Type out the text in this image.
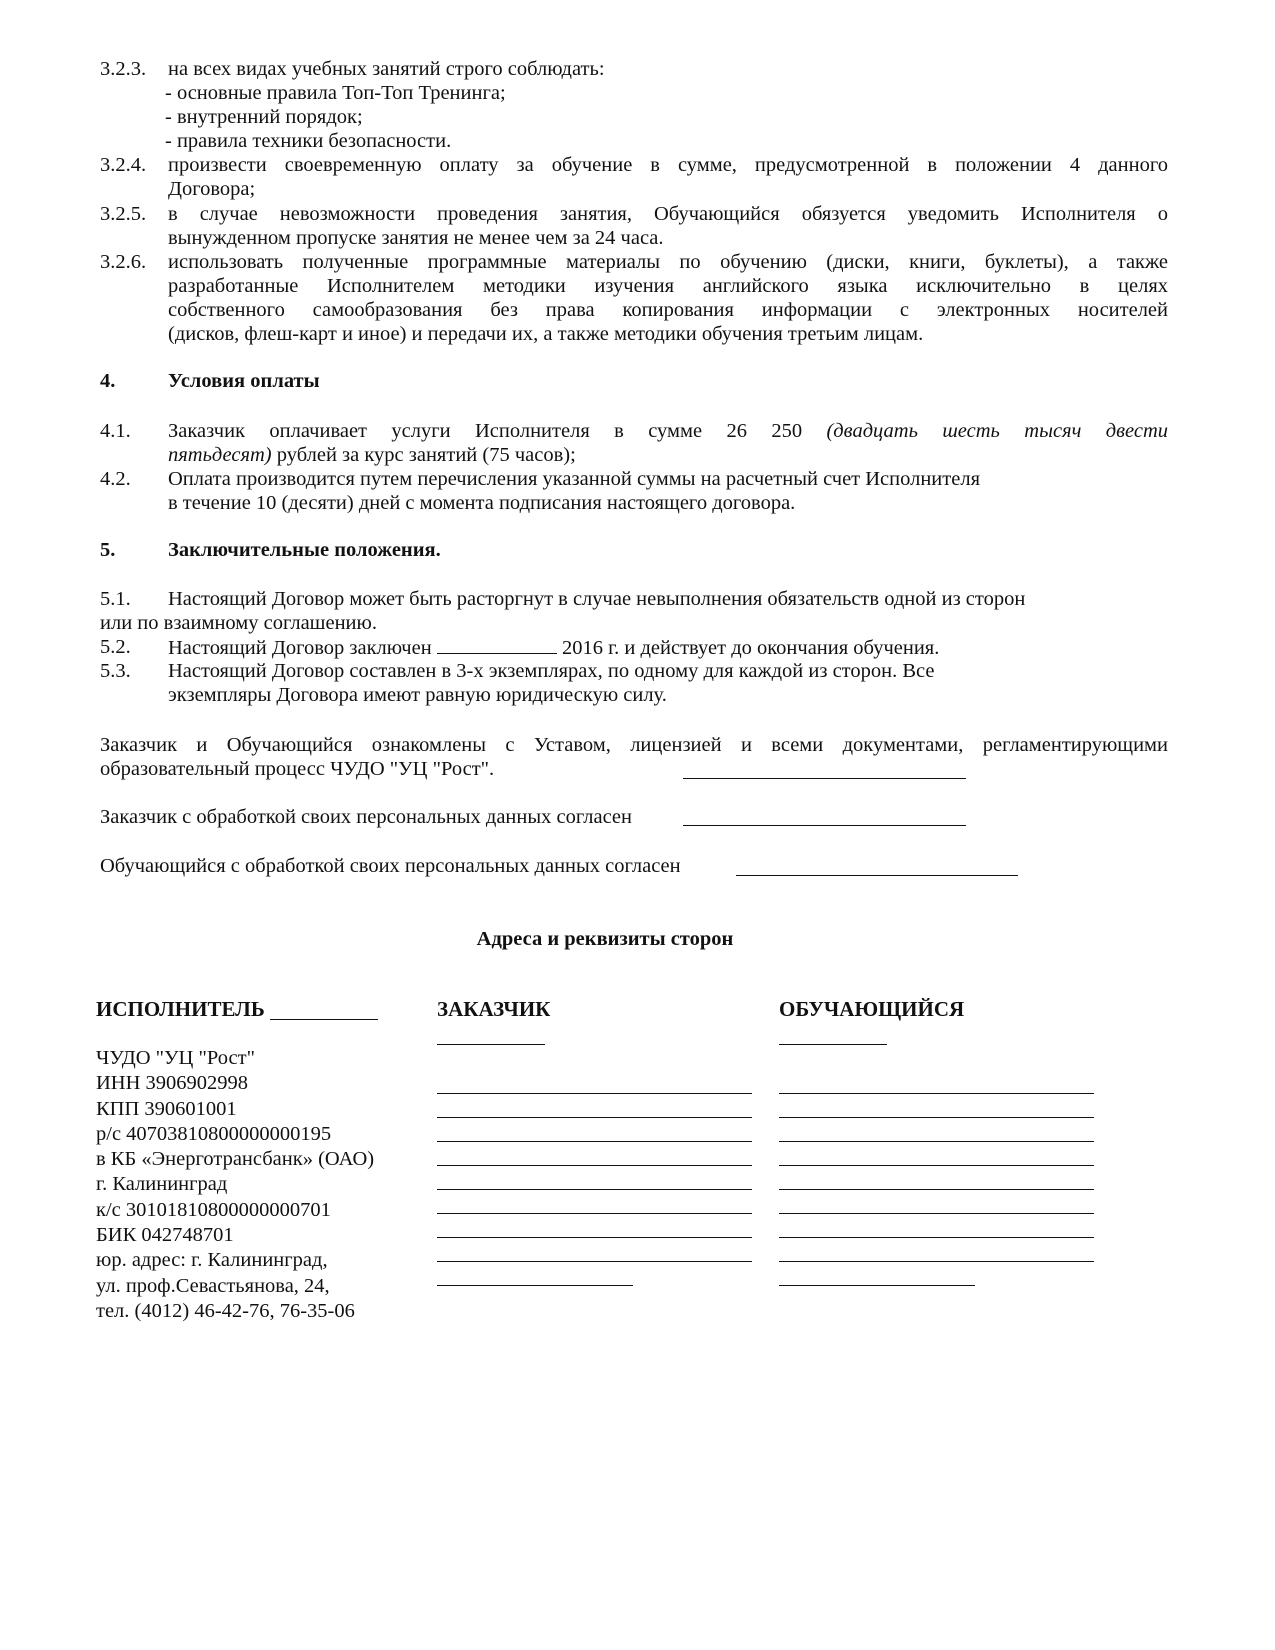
3.2.3. на всех видах учебных занятий строго соблюдать:
- основные правила Топ-Топ Тренинга;
- внутренний порядок;
- правила техники безопасности.
3.2.4. произвести своевременную оплату за обучение в сумме, предусмотренной в положении 4 данного
Договора;
3.2.5. в случае невозможности проведения занятия, Обучающийся обязуется уведомить Исполнителя о
вынужденном пропуске занятия не менее чем за 24 часа.
3.2.6. использовать полученные программные материалы по обучению (диски, книги, буклеты), а также
разработанные Исполнителем методики изучения английского языка исключительно в целях
собственного самообразования без права копирования информации с электронных носителей
(дисков, флеш-карт и иное) и передачи их, а также методики обучения третьим лицам.
4.	Условия оплаты
4.1. Заказчик оплачивает услуги Исполнителя в сумме 26 250 (двадцать шесть тысяч двести
пятьдесят) рублей за курс занятий (75 часов);
4.2. Оплата производится путем перечисления указанной суммы на расчетный счет Исполнителя
в течение 10 (десяти) дней с момента подписания настоящего договора.
5.	Заключительные положения.
5.1. Настоящий Договор может быть расторгнут в случае невыполнения обязательств одной из сторон
или по взаимному соглашению.
5.2. Настоящий Договор заключен	2016 г. и действует до окончания обучения.
5.3. Настоящий Договор составлен в 3-х экземплярах, по одному для каждой из сторон. Все
экземпляры Договора имеют равную юридическую силу.
Заказчик и Обучающийся ознакомлены с Уставом, лицензией и всеми документами, регламентирующими
образовательный процесс ЧУДО "УЦ "Рост".
Заказчик с обработкой своих персональных данных согласен
Обучающийся с обработкой своих персональных данных согласен
Адреса и реквизиты сторон
ИСПОЛНИТЕЛЬ	ЗАКАЗЧИК	ОБУЧАЮЩИЙСЯ
ЧУДО "УЦ "Рост"
ИНН 3906902998
КПП 390601001
р/с 40703810800000000195
в КБ «Энерготрансбанк» (ОАО)
г. Калининград
к/с 30101810800000000701
БИК 042748701
юр. адрес: г. Калининград,
ул. проф.Севастьянова, 24,
тел. (4012) 46-42-76, 76-35-06
